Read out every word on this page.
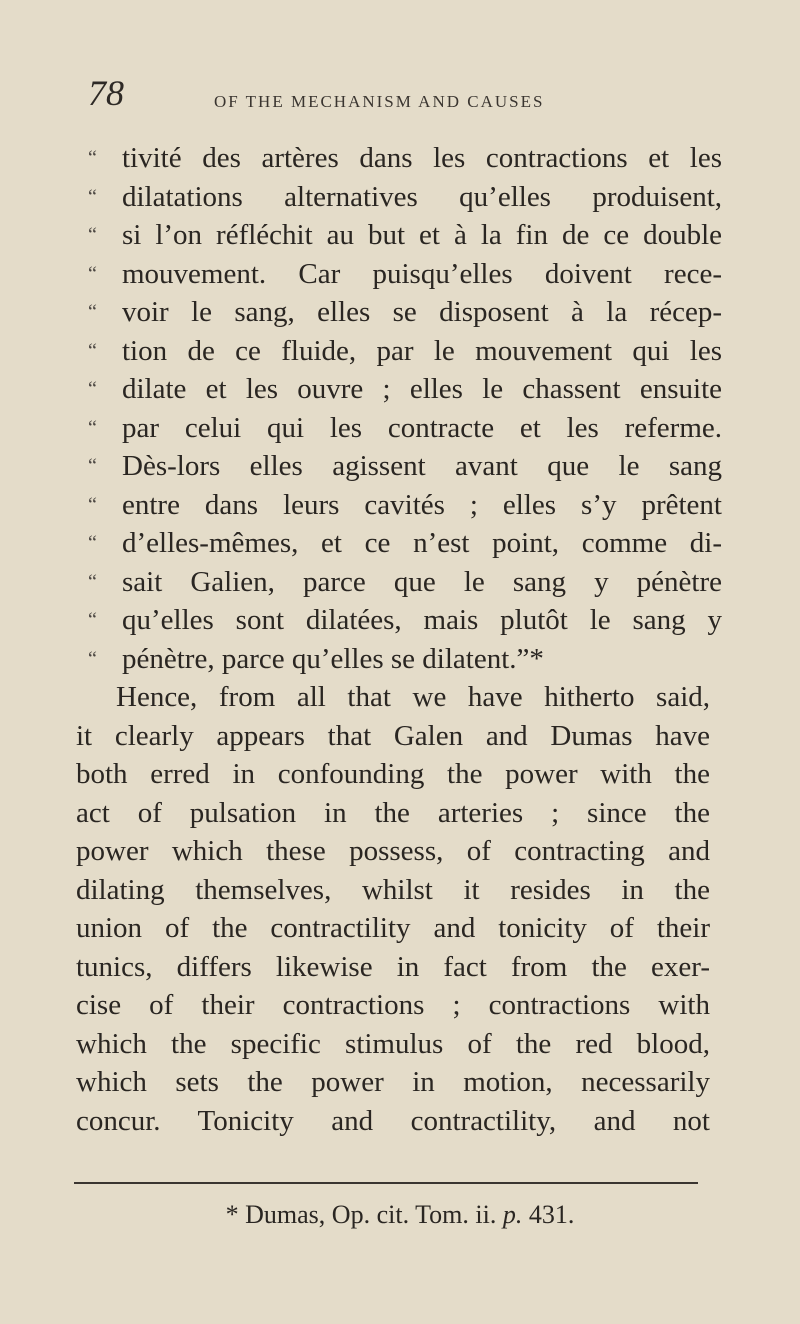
78	OF THE MECHANISM AND CAUSES
“ tivité des artères dans les contractions et les
“ dilatations alternatives qu’elles produisent,
“ si l’on réfléchit au but et à la fin de ce double
“ mouvement. Car puisqu’elles doivent rece-
“ voir le sang, elles se disposent à la récep-
“ tion de ce fluide, par le mouvement qui les
“ dilate et les ouvre ; elles le chassent ensuite
“ par celui qui les contracte et les referme.
“ Dès-lors elles agissent avant que le sang
“ entre dans leurs cavités ; elles s’y prêtent
“ d’elles-mêmes, et ce n’est point, comme di-
“ sait Galien, parce que le sang y pénètre
“ qu’elles sont dilatées, mais plutôt le sang y
“ pénètre, parce qu’elles se dilatent.”*
Hence, from all that we have hitherto said,
it clearly appears that Galen and Dumas have
both erred in confounding the power with the
act of pulsation in the arteries ; since the
power which these possess, of contracting and
dilating themselves, whilst it resides in the
union of the contractility and tonicity of their
tunics, differs likewise in fact from the exer-
cise of their contractions ; contractions with
which the specific stimulus of the red blood,
which sets the power in motion, necessarily
concur. Tonicity and contractility, and not
* Dumas, Op. cit. Tom. ii. p. 431.
